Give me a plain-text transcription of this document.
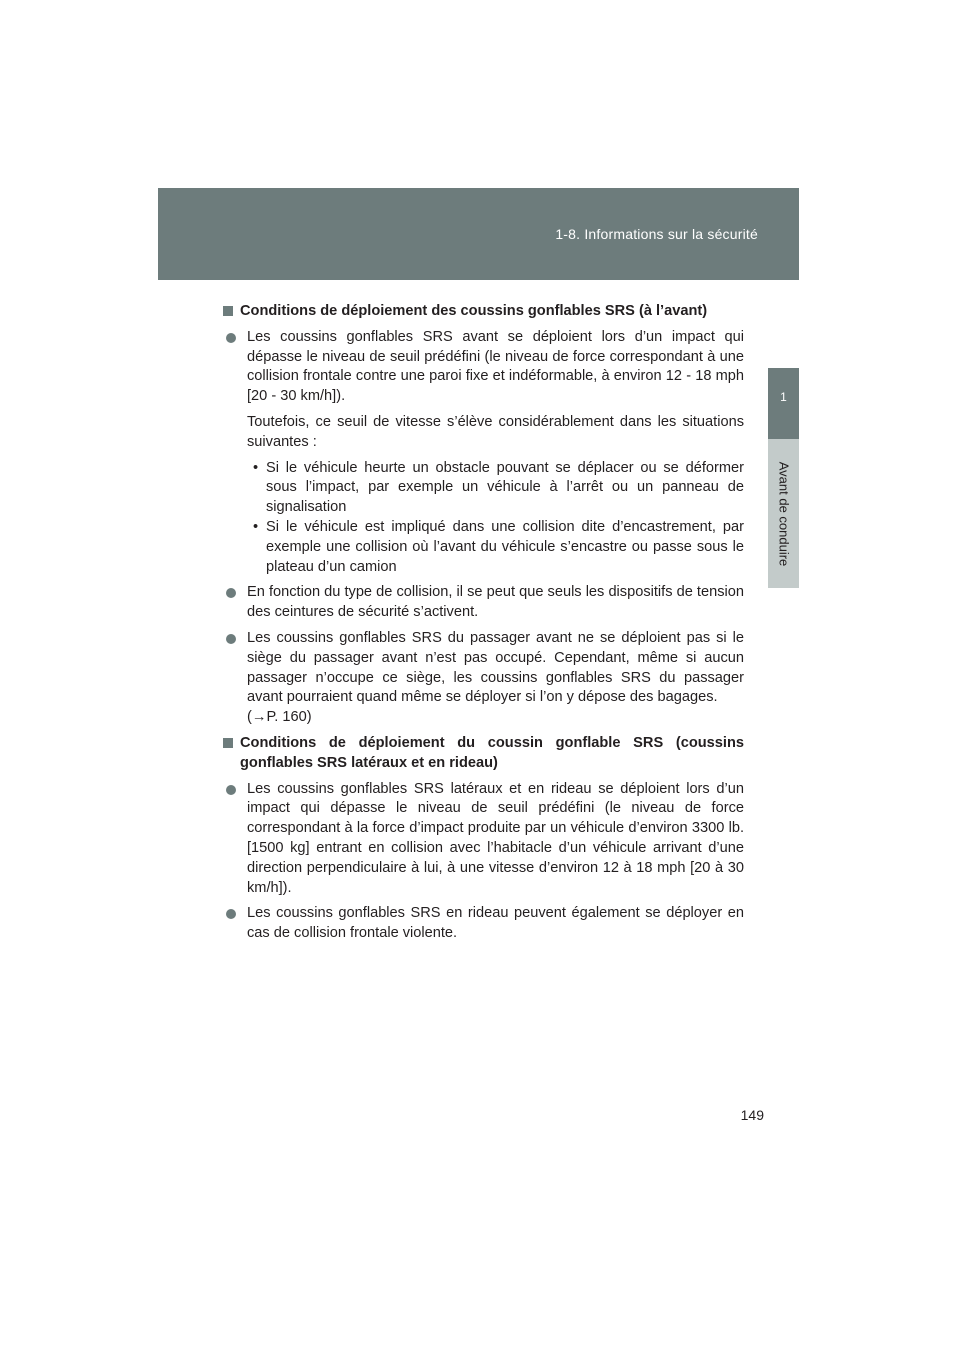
1-8. Informations sur la sécurité
1
Avant de conduire
Conditions de déploiement des coussins gonflables SRS (à l’avant)
Les coussins gonflables SRS avant se déploient lors d’un impact qui dépasse le niveau de seuil prédéfini (le niveau de force correspondant à une collision frontale contre une paroi fixe et indéformable, à environ 12 - 18 mph [20 - 30 km/h]).
Toutefois, ce seuil de vitesse s’élève considérablement dans les situations suivantes :
• Si le véhicule heurte un obstacle pouvant se déplacer ou se déformer sous l’impact, par exemple un véhicule à l’arrêt ou un panneau de signalisation
• Si le véhicule est impliqué dans une collision dite d’encastrement, par exemple une collision où l’avant du véhicule s’encastre ou passe sous le plateau d’un camion
En fonction du type de collision, il se peut que seuls les dispositifs de tension des ceintures de sécurité s’activent.
Les coussins gonflables SRS du passager avant ne se déploient pas si le siège du passager avant n’est pas occupé. Cependant, même si aucun passager n’occupe ce siège, les coussins gonflables SRS du passager avant pourraient quand même se déployer si l’on y dépose des bagages.
(→P. 160)
Conditions de déploiement du coussin gonflable SRS (coussins gonflables SRS latéraux et en rideau)
Les coussins gonflables SRS latéraux et en rideau se déploient lors d’un impact qui dépasse le niveau de seuil prédéfini (le niveau de force correspondant à la force d’impact produite par un véhicule d’environ 3300 lb. [1500 kg] entrant en collision avec l’habitacle d’un véhicule arrivant d’une direction perpendiculaire à lui, à une vitesse d’environ 12 à 18 mph [20 à 30 km/h]).
Les coussins gonflables SRS en rideau peuvent également se déployer en cas de collision frontale violente.
149
